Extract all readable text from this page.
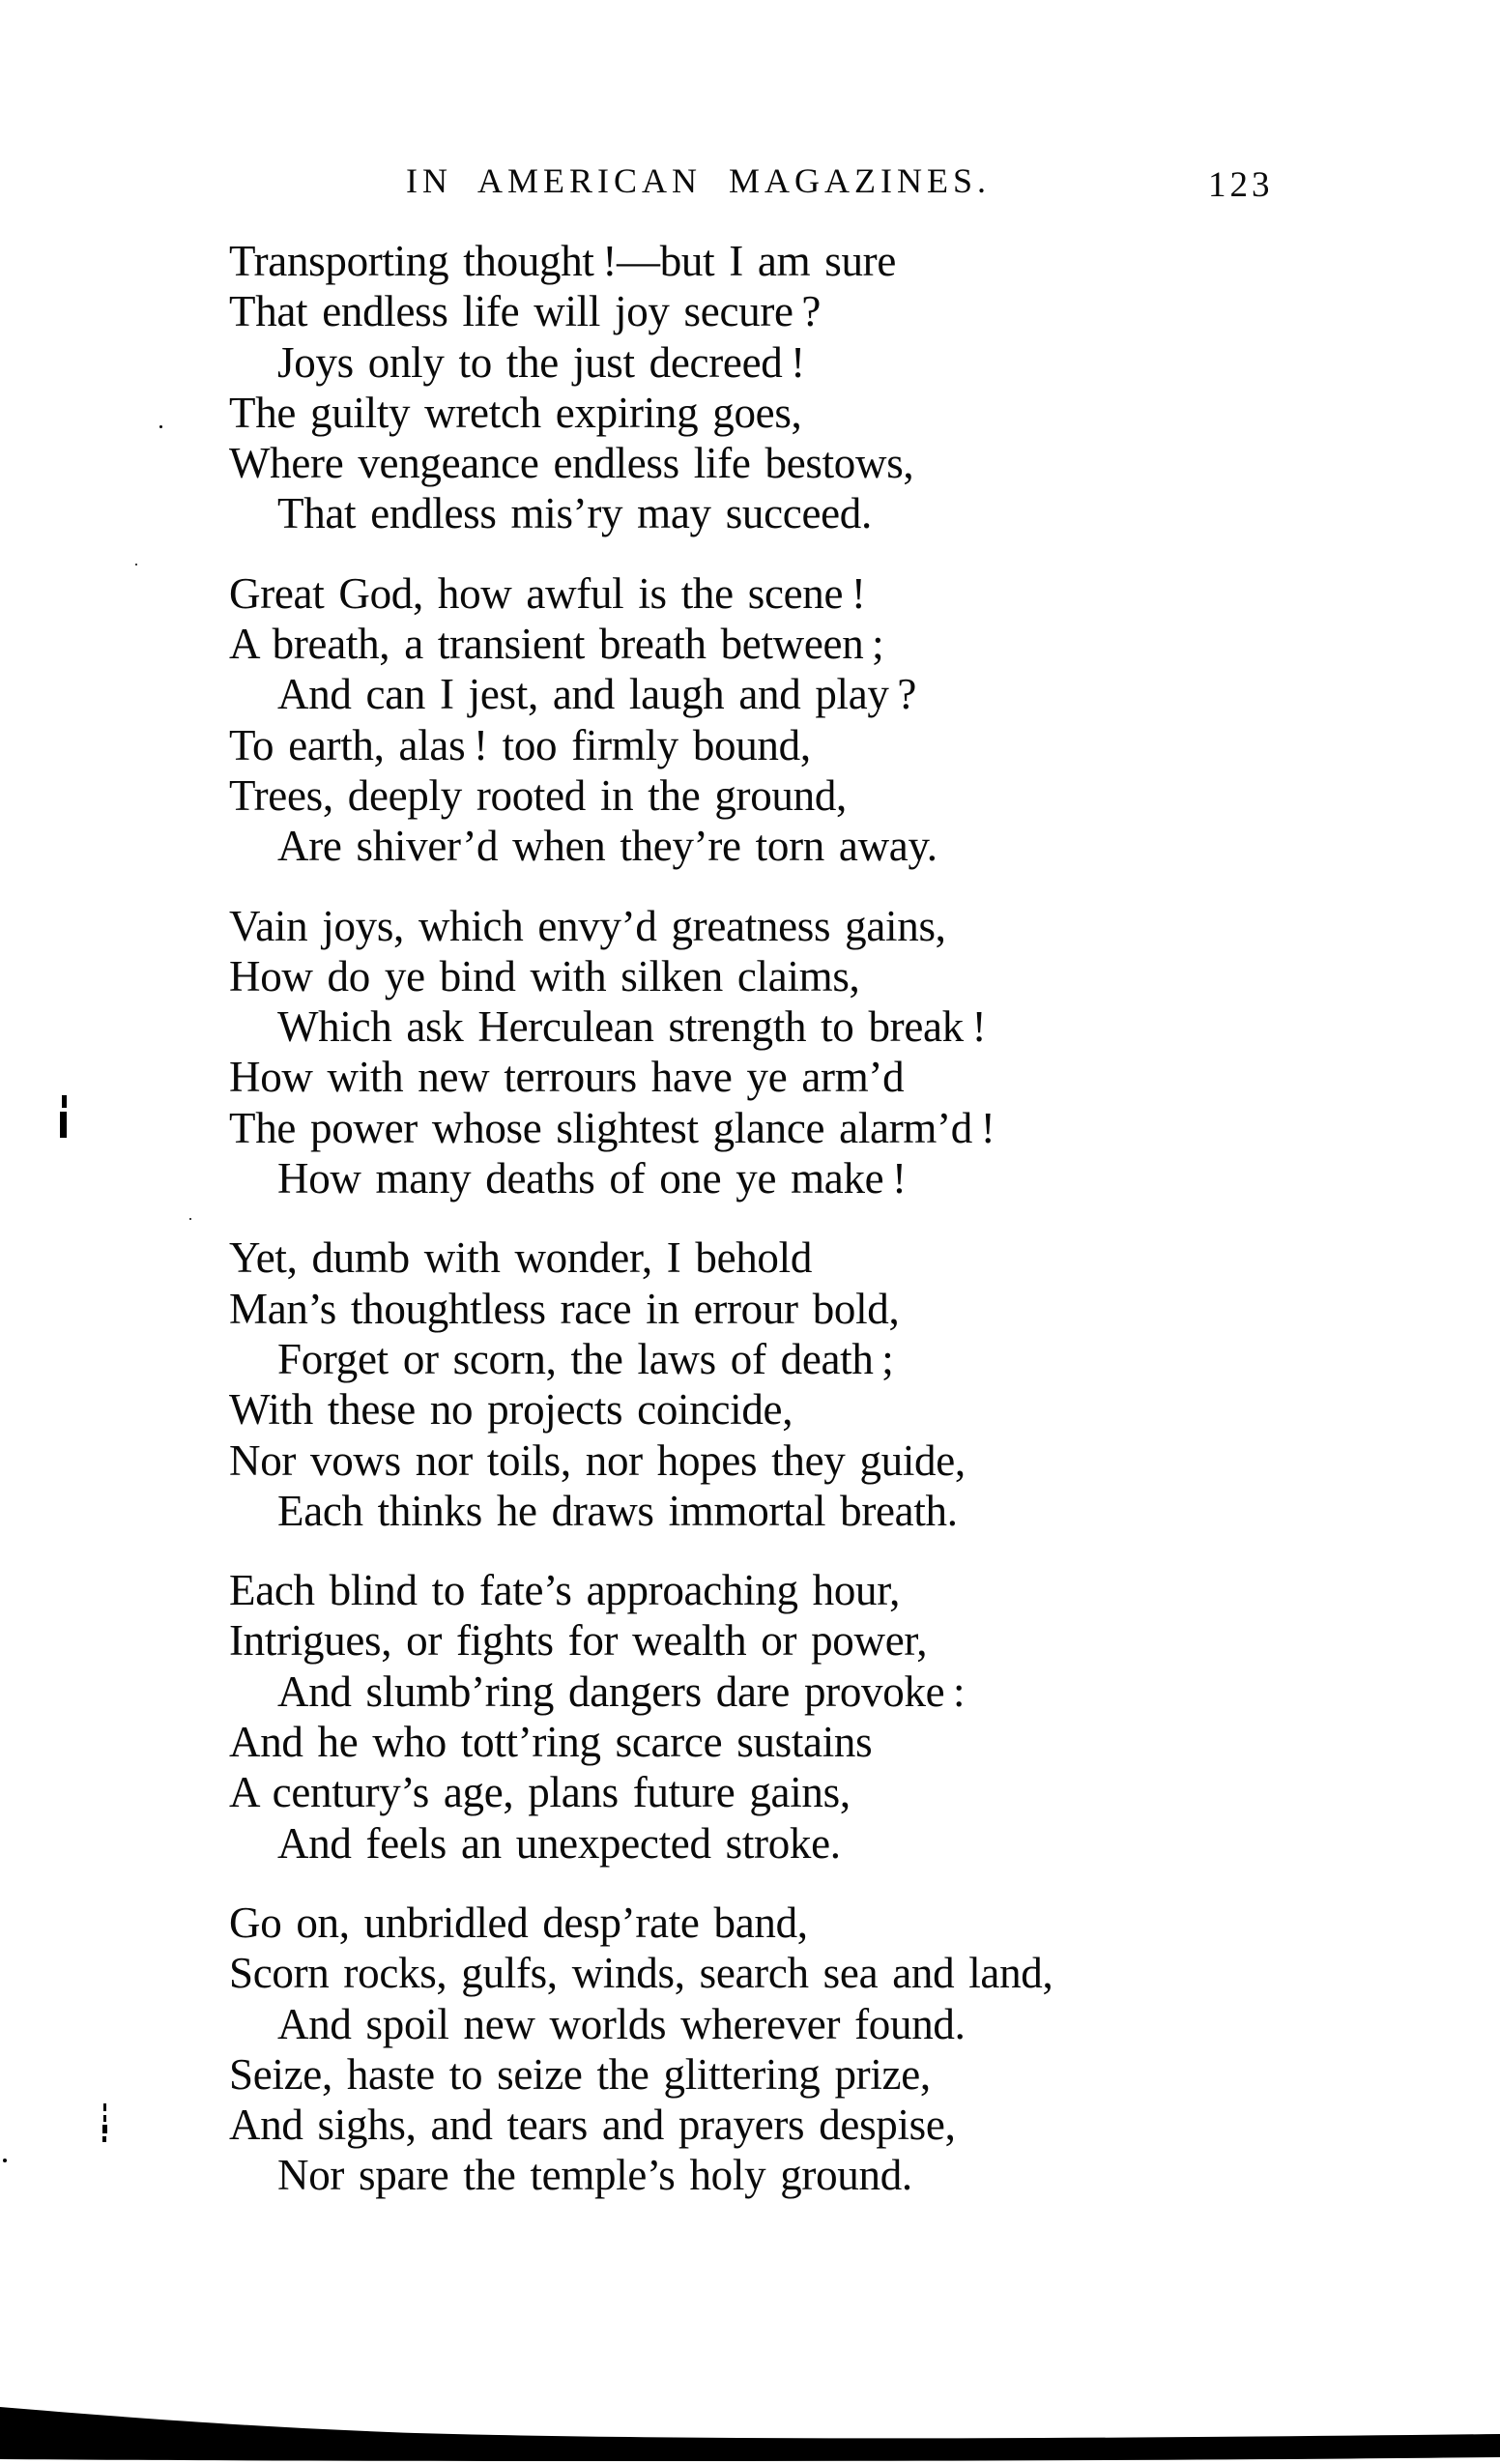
IN AMERICAN MAGAZINES.	123
Transporting thought !—but I am sure
That endless life will joy secure ?
Joys only to the just decreed !
The guilty wretch expiring goes,
Where vengeance endless life bestows,
That endless mis’ry may succeed.
Great God, how awful is the scene !
A breath, a transient breath between ;
And can I jest, and laugh and play ?
To earth, alas ! too firmly bound,
Trees, deeply rooted in the ground,
Are shiver’d when they’re torn away.
Vain joys, which envy’d greatness gains,
How do ye bind with silken claims,
Which ask Herculean strength to break !
How with new terrours have ye arm’d
The power whose slightest glance alarm’d !
How many deaths of one ye make !
Yet, dumb with wonder, I behold
Man’s thoughtless race in errour bold,
Forget or scorn, the laws of death ;
With these no projects coincide,
Nor vows nor toils, nor hopes they guide,
Each thinks he draws immortal breath.
Each blind to fate’s approaching hour,
Intrigues, or fights for wealth or power,
And slumb’ring dangers dare provoke :
And he who tott’ring scarce sustains
A century’s age, plans future gains,
And feels an unexpected stroke.
Go on, unbridled desp’rate band,
Scorn rocks, gulfs, winds, search sea and land,
And spoil new worlds wherever found.
Seize, haste to seize the glittering prize,
And sighs, and tears and prayers despise,
Nor spare the temple’s holy ground.
